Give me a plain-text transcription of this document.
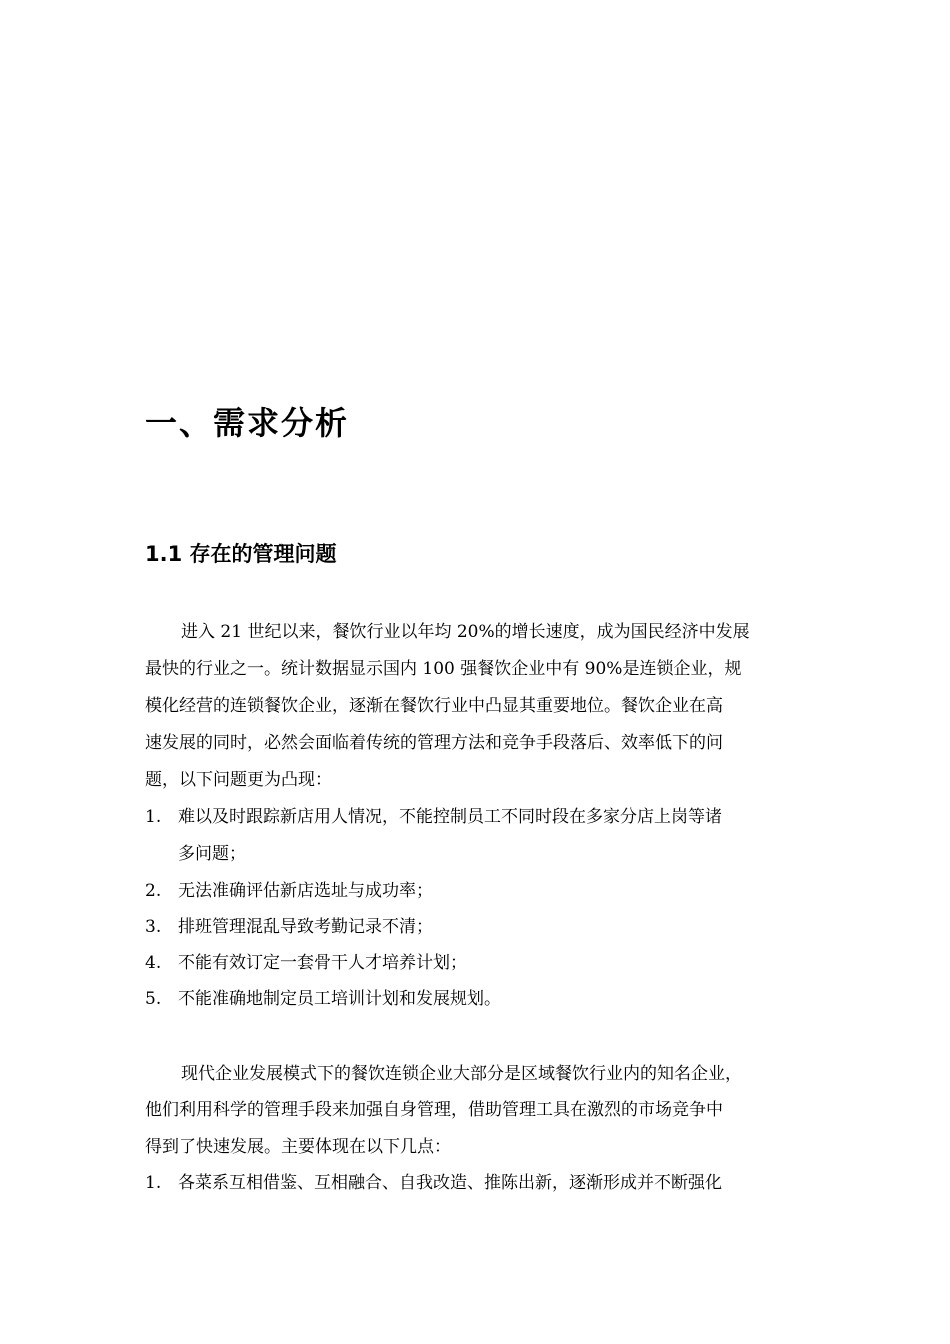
一、需求分析
1.1 存在的管理问题
进入 21 世纪以来，餐饮行业以年均 20%的增长速度，成为国民经济中发展
最快的行业之一。统计数据显示国内 100 强餐饮企业中有 90%是连锁企业，规
模化经营的连锁餐饮企业，逐渐在餐饮行业中凸显其重要地位。餐饮企业在高
速发展的同时，必然会面临着传统的管理方法和竞争手段落后、效率低下的问
题，以下问题更为凸现：
1. 难以及时跟踪新店用人情况，不能控制员工不同时段在多家分店上岗等诸
多问题；
2. 无法准确评估新店选址与成功率；
3. 排班管理混乱导致考勤记录不清；
4. 不能有效订定一套骨干人才培养计划；
5. 不能准确地制定员工培训计划和发展规划。
现代企业发展模式下的餐饮连锁企业大部分是区域餐饮行业内的知名企业，
他们利用科学的管理手段来加强自身管理，借助管理工具在激烈的市场竞争中
得到了快速发展。主要体现在以下几点：
1. 各菜系互相借鉴、互相融合、自我改造、推陈出新，逐渐形成并不断强化
